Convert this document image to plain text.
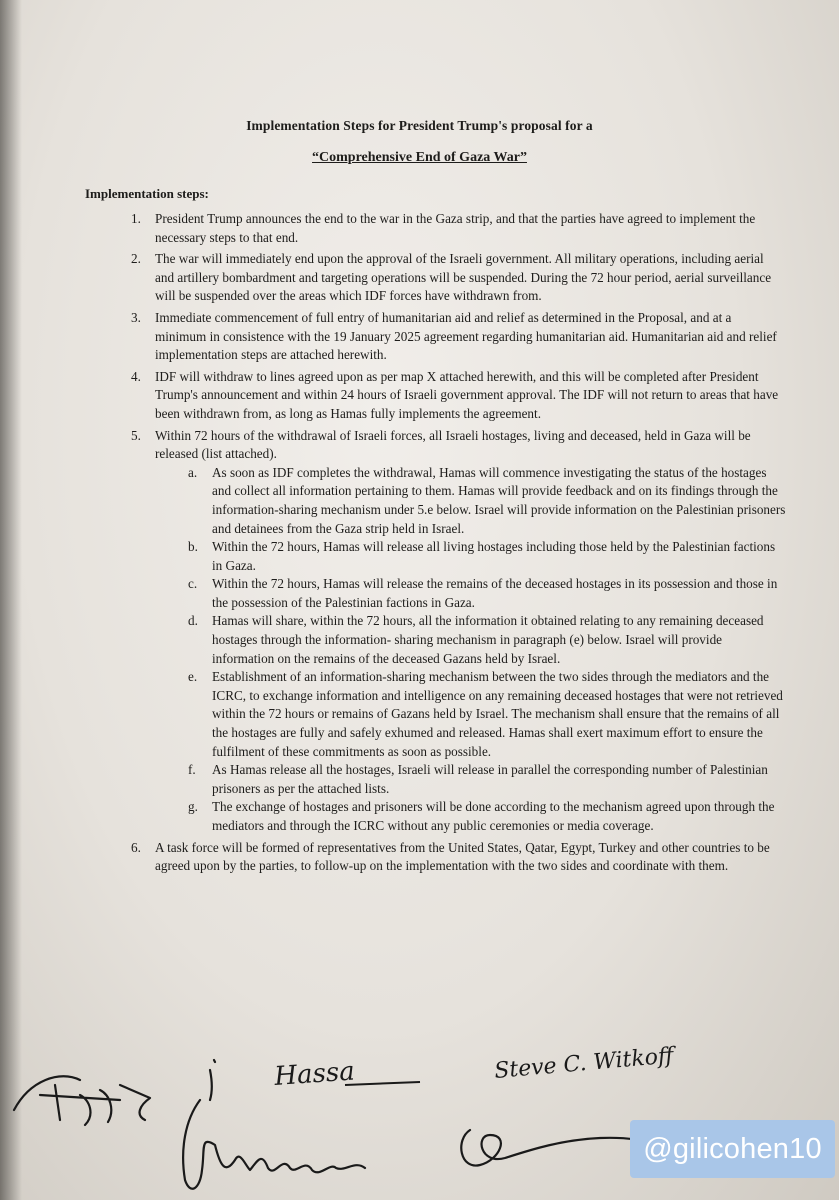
Implementation Steps for President Trump's proposal for a
“Comprehensive End of Gaza War”
Implementation steps:
1. President Trump announces the end to the war in the Gaza strip, and that the parties have agreed to implement the necessary steps to that end.
2. The war will immediately end upon the approval of the Israeli government. All military operations, including aerial and artillery bombardment and targeting operations will be suspended. During the 72 hour period, aerial surveillance will be suspended over the areas which IDF forces have withdrawn from.
3. Immediate commencement of full entry of humanitarian aid and relief as determined in the Proposal, and at a minimum in consistence with the 19 January 2025 agreement regarding humanitarian aid. Humanitarian aid and relief implementation steps are attached herewith.
4. IDF will withdraw to lines agreed upon as per map X attached herewith, and this will be completed after President Trump's announcement and within 24 hours of Israeli government approval. The IDF will not return to areas that have been withdrawn from, as long as Hamas fully implements the agreement.
5. Within 72 hours of the withdrawal of Israeli forces, all Israeli hostages, living and deceased, held in Gaza will be released (list attached).
a. As soon as IDF completes the withdrawal, Hamas will commence investigating the status of the hostages and collect all information pertaining to them. Hamas will provide feedback and on its findings through the information-sharing mechanism under 5.e below. Israel will provide information on the Palestinian prisoners and detainees from the Gaza strip held in Israel.
b. Within the 72 hours, Hamas will release all living hostages including those held by the Palestinian factions in Gaza.
c. Within the 72 hours, Hamas will release the remains of the deceased hostages in its possession and those in the possession of the Palestinian factions in Gaza.
d. Hamas will share, within the 72 hours, all the information it obtained relating to any remaining deceased hostages through the information- sharing mechanism in paragraph (e) below. Israel will provide information on the remains of the deceased Gazans held by Israel.
e. Establishment of an information-sharing mechanism between the two sides through the mediators and the ICRC, to exchange information and intelligence on any remaining deceased hostages that were not retrieved within the 72 hours or remains of Gazans held by Israel. The mechanism shall ensure that the remains of all the hostages are fully and safely exhumed and released. Hamas shall exert maximum effort to ensure the fulfilment of these commitments as soon as possible.
f. As Hamas release all the hostages, Israeli will release in parallel the corresponding number of Palestinian prisoners as per the attached lists.
g. The exchange of hostages and prisoners will be done according to the mechanism agreed upon through the mediators and through the ICRC without any public ceremonies or media coverage.
6. A task force will be formed of representatives from the United States, Qatar, Egypt, Turkey and other countries to be agreed upon by the parties, to follow-up on the implementation with the two sides and coordinate with them.
Hassa	Steve C. Witkoff
@gilicohen10
